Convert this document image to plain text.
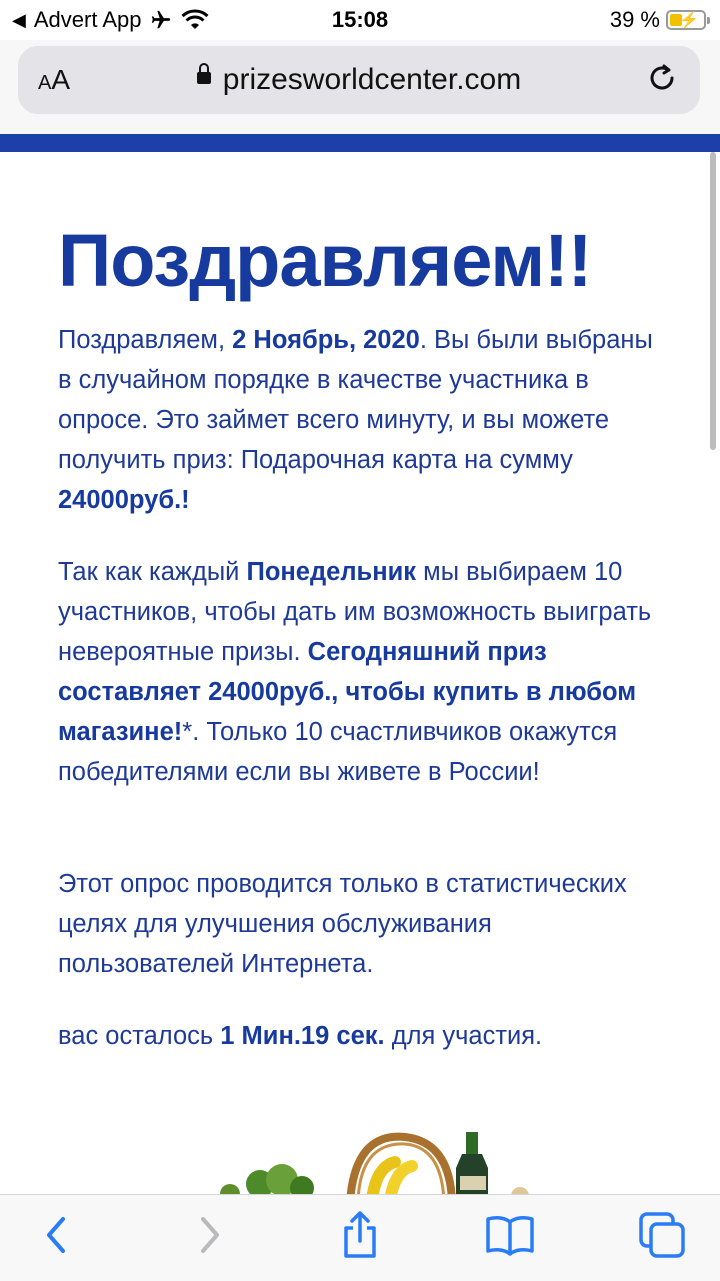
◀ Advert App	15:08	39 % ⚡
AA	prizesworldcenter.com
Поздравляем!!

Поздравляем, 2 Ноябрь, 2020. Вы были выбраны в случайном порядке в качестве участника в опросе. Это займет всего минуту, и вы можете получить приз: Подарочная карта на сумму 24000руб.!

Так как каждый Понедельник мы выбираем 10 участников, чтобы дать им возможность выиграть невероятные призы. Сегодняшний приз составляет 24000руб., чтобы купить в любом магазине!*. Только 10 счастливчиков окажутся победителями если вы живете в России!

Этот опрос проводится только в статистических целях для улучшения обслуживания пользователей Интернета.

вас осталось 1 Мин.19 сек. для участия.
